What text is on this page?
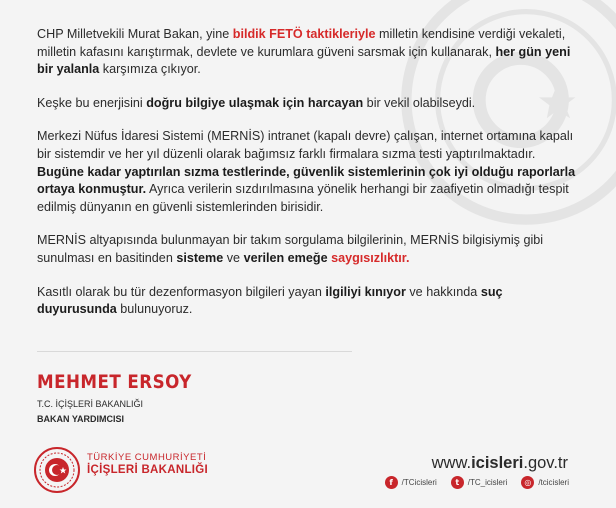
CHP Milletvekili Murat Bakan, yine bildik FETÖ taktikleriyle milletin kendisine verdiği vekaleti, milletin kafasını karıştırmak, devlete ve kurumlara güveni sarsmak için kullanarak, her gün yeni bir yalanla karşımıza çıkıyor.

Keşke bu enerjisini doğru bilgiye ulaşmak için harcayan bir vekil olabilseydi.

Merkezi Nüfus İdaresi Sistemi (MERNİS) intranet (kapalı devre) çalışan, internet ortamına kapalı bir sistemdir ve her yıl düzenli olarak bağımsız farklı firmalara sızma testi yaptırılmaktadır. Bugüne kadar yaptırılan sızma testlerinde, güvenlik sistemlerinin çok iyi olduğu raporlarla ortaya konmuştur. Ayrıca verilerin sızdırılmasına yönelik herhangi bir zaafiyetin olmadığı tespit edilmiş dünyanın en güvenli sistemlerinden birisidir.

MERNİS altyapısında bulunmayan bir takım sorgulama bilgilerinin, MERNİS bilgisiymiş gibi sunulması en basitinden sisteme ve verilen emeğe saygısızlıktır.

Kasıtlı olarak bu tür dezenformasyon bilgileri yayan ilgiliyi kınıyor ve hakkında suç duyurusunda bulunuyoruz.

MEHMET ERSOY
T.C. İÇİŞLERİ BAKANLIĞI
BAKAN YARDIMCISI
TÜRKİYE CUMHURİYETİ
İÇİŞLERİ BAKANLIĞI	www.icisleri.gov.tr
f	/TCicisleri	t	/TC_icisleri	◎ /tcicisleri
